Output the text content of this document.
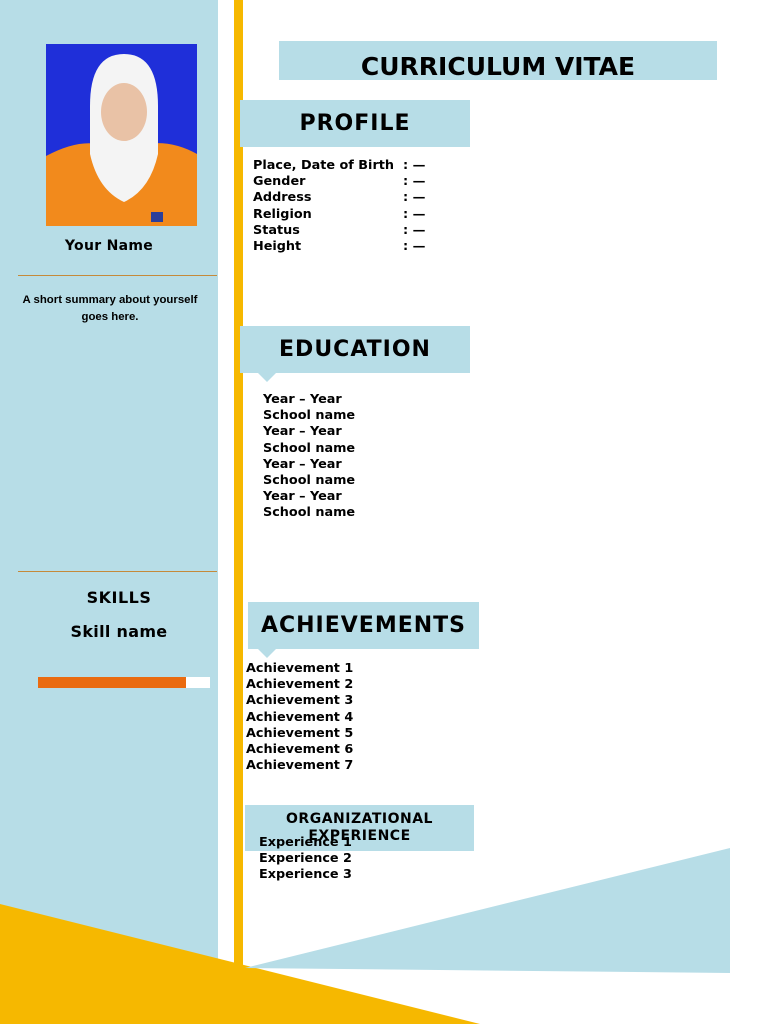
Your Name
A short summary about yourself goes here.
SKILLS
Skill name
CURRICULUM VITAE
PROFILE
Place, Date of Birth : —
Gender	: —
Address	: —
Religion	: —
Status	: —
Height	: —
EDUCATION
Year – Year
School name
Year – Year
School name
Year – Year
School name
Year – Year
School name
ACHIEVEMENTS
Achievement 1
Achievement 2
Achievement 3
Achievement 4
Achievement 5
Achievement 6
Achievement 7
ORGANIZATIONAL EXPERIENCE
Experience 1
Experience 2
Experience 3
